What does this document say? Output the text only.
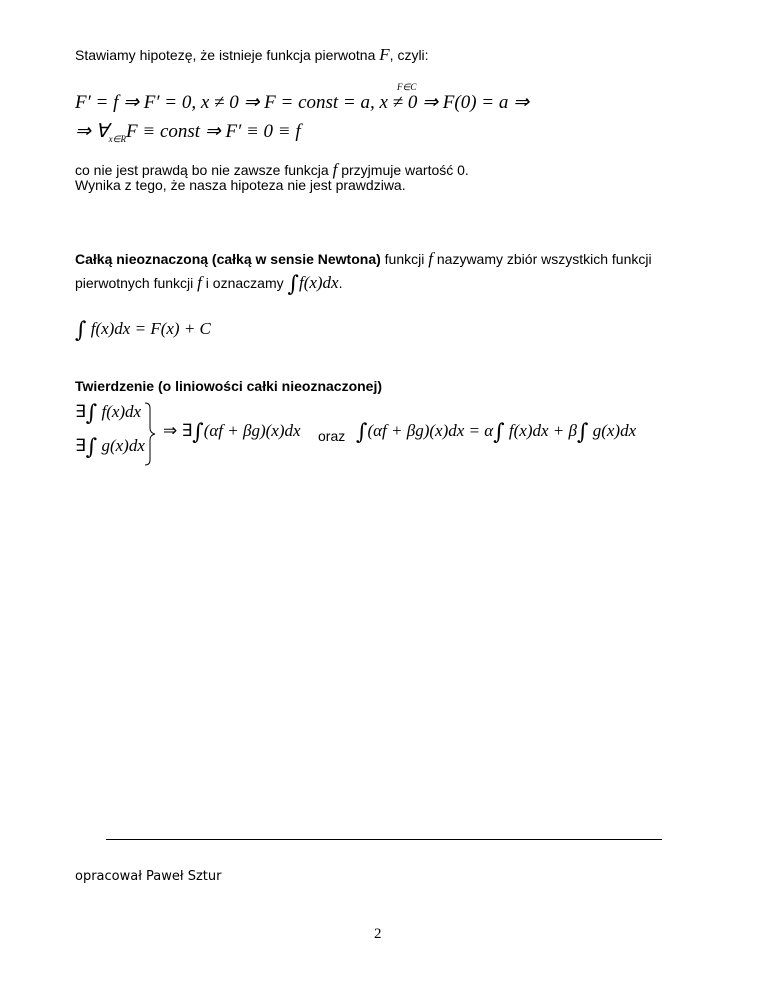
Stawiamy hipotezę, że istnieje funkcja pierwotna F, czyli:
F∈C
F′ = f ⇒ F′ = 0, x ≠ 0 ⇒ F = const = a, x ≠ 0 ⇒ F(0) = a ⇒
⇒ $\forall_{x\in R}F$ ≡ const ⇒ F′ ≡ 0 ≡ f
co nie jest prawdą bo nie zawsze funkcja f przyjmuje wartość 0.
Wynika z tego, że nasza hipoteza nie jest prawdziwa.
Całką nieoznaczoną (całką w sensie Newtona) funkcji f nazywamy zbiór wszystkich funkcji
pierwotnych funkcji f i oznaczamy ∫f(x)dx.
∫ f(x)dx = F(x) + C
Twierdzenie (o liniowości całki nieoznaczonej)
∃∫ f(x)dx
∃∫ g(x)dx
⇒ ∃∫(αf + βg)(x)dx oraz ∫(αf + βg)(x)dx = α∫ f(x)dx + β∫ g(x)dx
opracował Paweł Sztur
2
